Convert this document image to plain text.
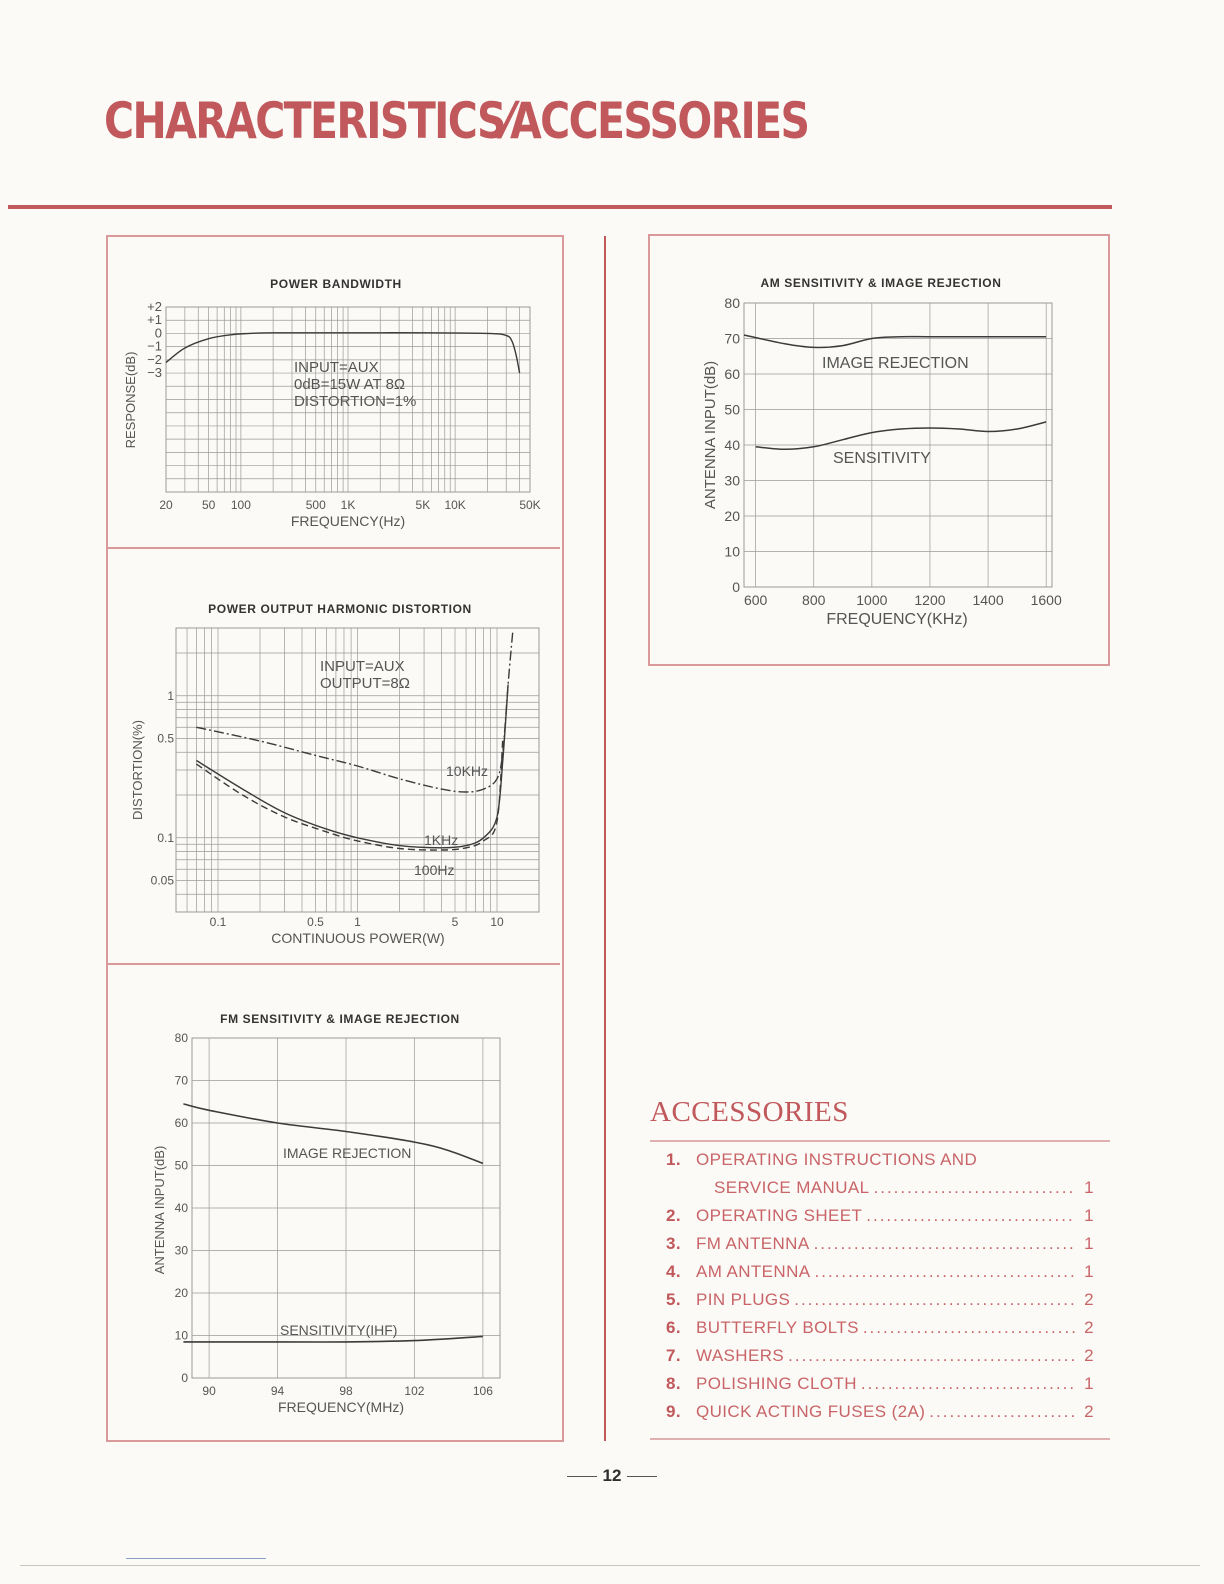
CHARACTERISTICS⁄ACCESSORIES
POWER BANDWIDTH
+2
+1
0
−1
−2
−3
20 50 100	500 1K	5K 10K	50K
FREQUENCY(Hz)
RESPONSE(dB)	INPUT=AUX
0dB=15W AT 8Ω
DISTORTION=1%
POWER OUTPUT HARMONIC DISTORTION
1
0.5
0.1
0.05
0.1	0.5	1	5	10
CONTINUOUS POWER(W)
DISTORTION(%)
INPUT=AUX
OUTPUT=8Ω
10KHz
1KHz
100Hz
FM SENSITIVITY & IMAGE REJECTION
0
10
20
30
40
50
60
70
80
90	94	98	102	106
FREQUENCY(MHz)
ANTENNA INPUT(dB)	IMAGE REJECTION
SENSITIVITY(IHF)
AM SENSITIVITY & IMAGE REJECTION
0
10
20
30
40
50
60
70
80
600 800 1000 1200 1400 1600
FREQUENCY(KHz)
ANTENNA INPUT(dB)	IMAGE REJECTION
SENSITIVITY
ACCESSORIES
1. OPERATING INSTRUCTIONS AND
SERVICE MANUAL .....	1
2. OPERATING SHEET .....	1
3. FM ANTENNA .....	1
4. AM ANTENNA .....	1
5. PIN PLUGS .....	2
6. BUTTERFLY BOLTS .....	2
7. WASHERS .....	2
8. POLISHING CLOTH .....	1
9. QUICK ACTING FUSES (2A) .....	2
12
